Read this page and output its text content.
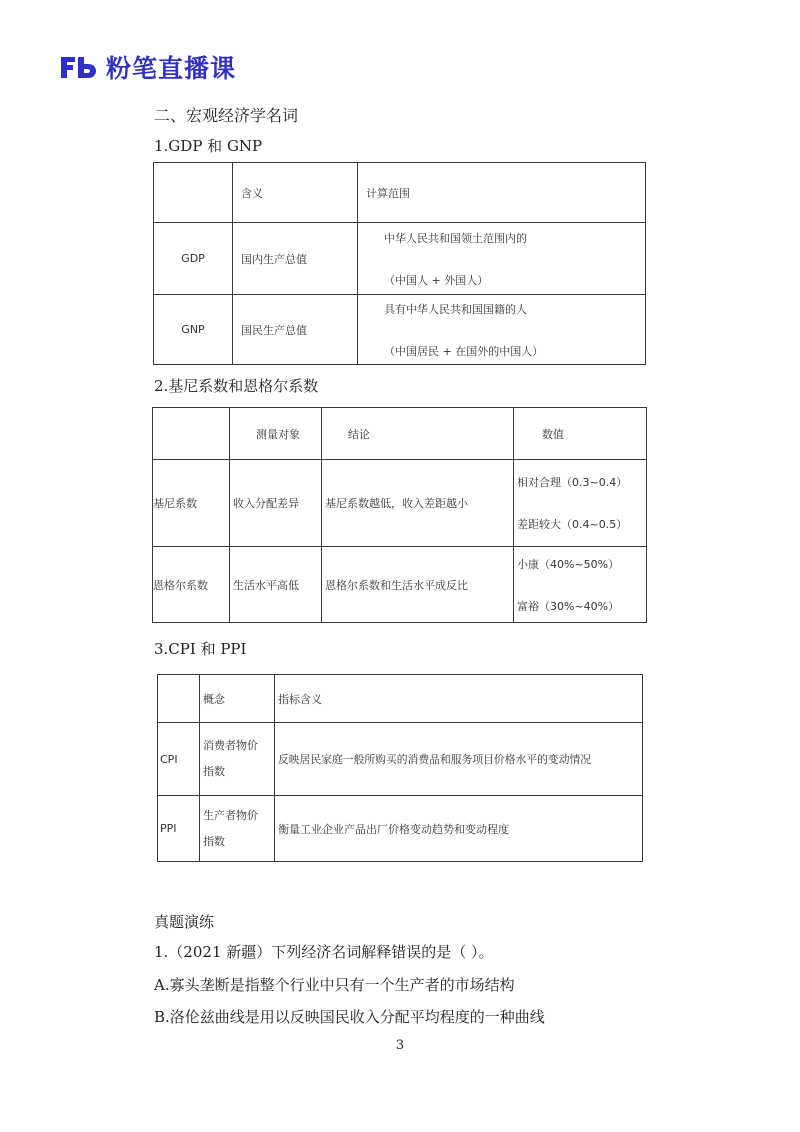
粉笔直播课
二、宏观经济学名词
1.GDP 和 GNP
	含义	计算范围
GDP	国内生产总值	中华人民共和国领土范围内的
（中国人 + 外国人）

GNP	国民生产总值	具有中华人民共和国国籍的人
（中国居民 + 在国外的中国人）
2.基尼系数和恩格尔系数
	测量对象	结论	数值
基尼系数	收入分配差异	基尼系数越低，收入差距越小	相对合理（0.3~0.4）
差距较大（0.4~0.5）

恩格尔系数	生活水平高低	恩格尔系数和生活水平成反比	小康（40%~50%）
富裕（30%~40%）
3.CPI 和 PPI
	概念	指标含义
CPI	消费者物价
指数	反映居民家庭一般所购买的消费品和服务项目价格水平的变动情况
PPI	生产者物价
指数	衡量工业企业产品出厂价格变动趋势和变动程度
真题演练
1.（2021 新疆）下列经济名词解释错误的是（ ）。
A.寡头垄断是指整个行业中只有一个生产者的市场结构
B.洛伦兹曲线是用以反映国民收入分配平均程度的一种曲线
3
